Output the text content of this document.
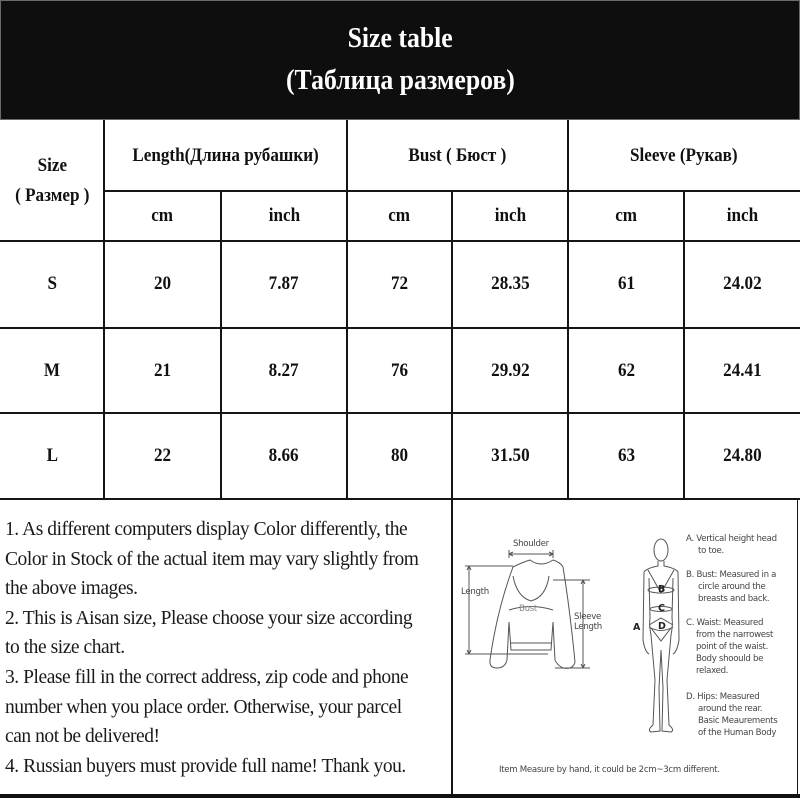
Size table
(Таблица размеров)
Size
( Размер )
Length(Длина рубашки)	Bust ( Бюст )	Sleeve (Рукав)
cm	inch	cm	inch	cm	inch
S	20	7.87	72	28.35	61	24.02
M	21	8.27	76	29.92	62	24.41
L	22	8.66	80	31.50	63	24.80

1. As different computers display Color differently, the

Color in Stock of the actual item may vary slightly from

the above images.

2. This is Aisan size, Please choose your size according

to the size chart.

3. Please fill in the correct address, zip code and phone

number when you place order. Otherwise, your parcel

can not be delivered!

4. Russian buyers must provide full name! Thank you.

Shoulder
Length
Bust
Sleeve
Length	A
B
C
D
A. Vertical height head
to toe.
B. Bust: Measured in a
circle around the
breasts and back.
C. Waist: Measured
from the narrowest
point of the waist.
Body shoould be
relaxed.
D. Hips: Measured
around the rear.
Basic Meaurements
of the Human Body
Item Measure by hand, it could be 2cm~3cm different.
